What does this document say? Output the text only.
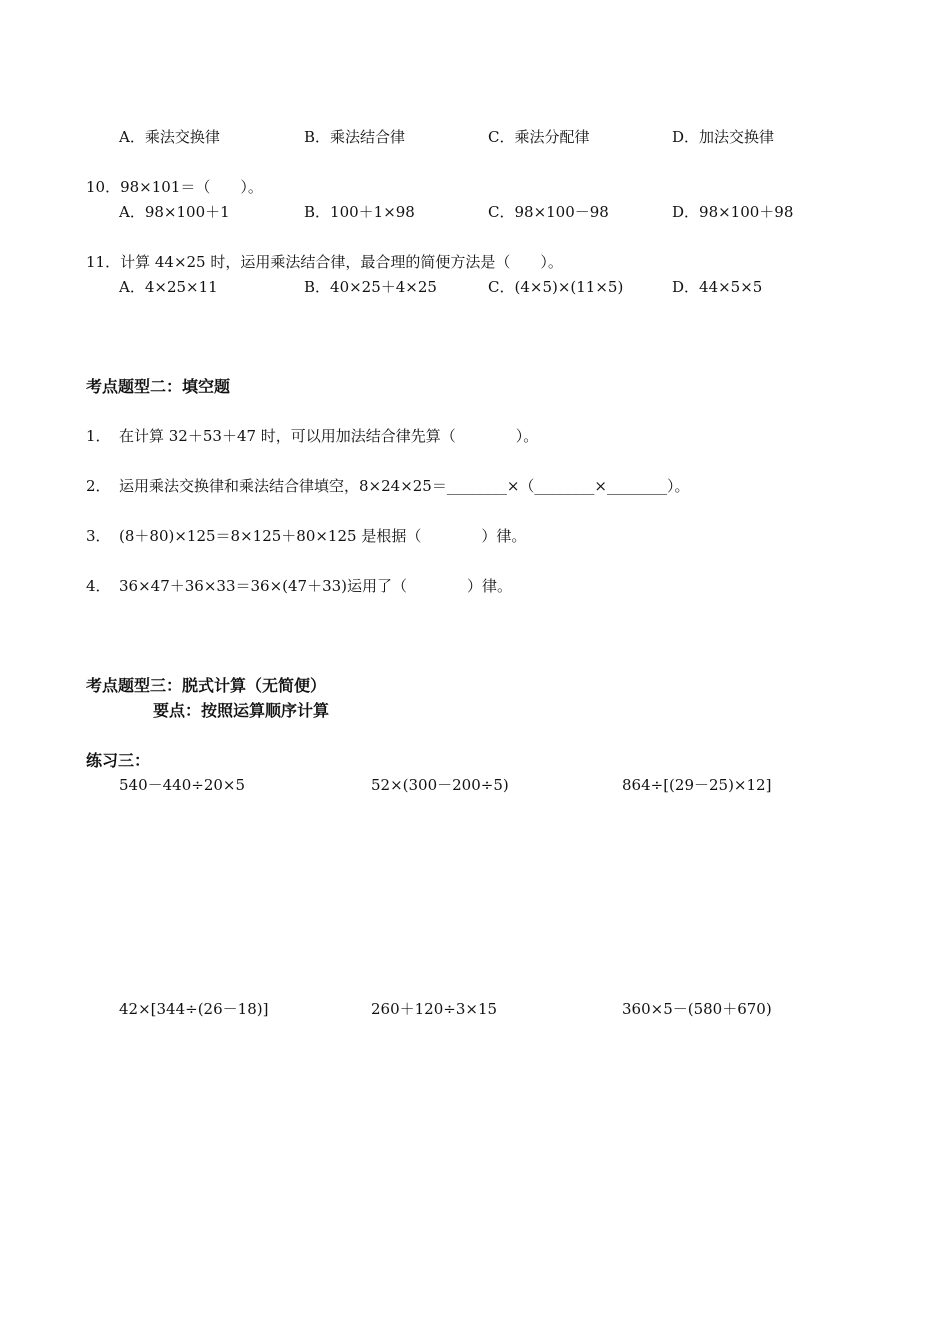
A．乘法交换律	B．乘法结合律	C．乘法分配律	D．加法交换律
10．98×101＝（　　）。
A．98×100＋1	B．100＋1×98	C．98×100－98	D．98×100＋98
11．计算 44×25 时，运用乘法结合律，最合理的简便方法是（　　）。
A．4×25×11	B．40×25＋4×25	C．(4×5)×(11×5)	D．44×5×5
考点题型二：填空题
1． 在计算 32＋53＋47 时，可以用加法结合律先算（　　　　）。
2． 运用乘法交换律和乘法结合律填空，8×24×25＝________×（________×________）。
3． (8＋80)×125＝8×125＋80×125 是根据（　　　　）律。
4． 36×47＋36×33＝36×(47＋33)运用了（　　　　）律。
考点题型三：脱式计算（无简便）
要点：按照运算顺序计算
练习三：
540－440÷20×5	52×(300－200÷5)	864÷[(29－25)×12]
42×[344÷(26－18)]	260＋120÷3×15	360×5－(580＋670)
